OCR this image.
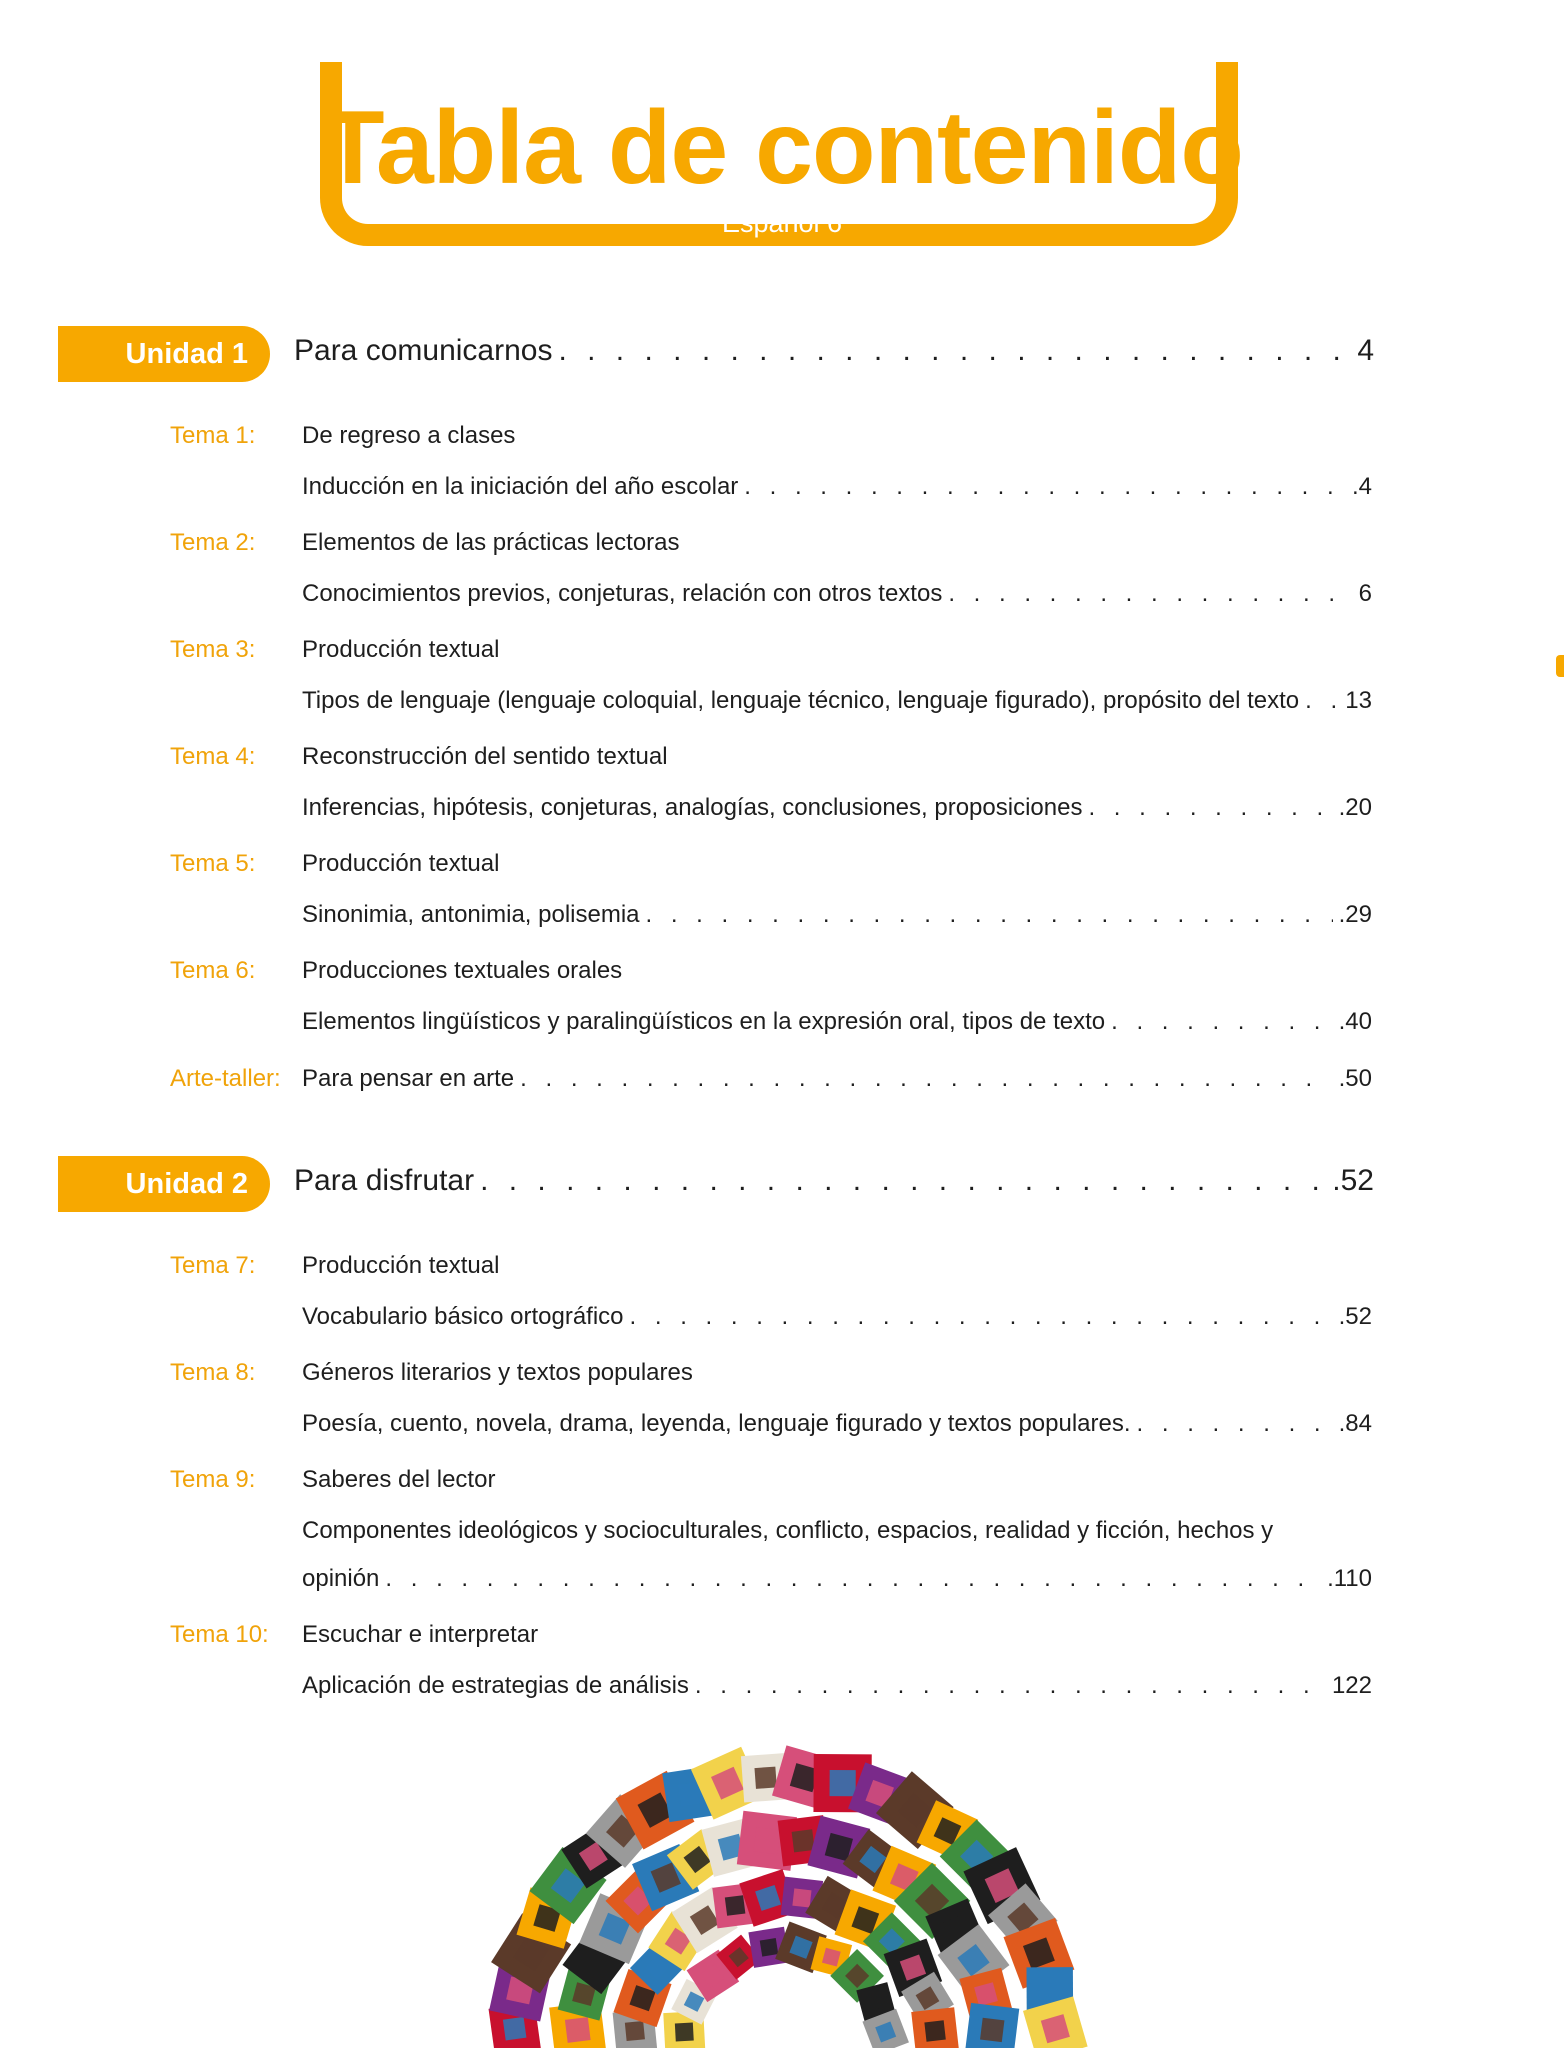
Tabla de contenido
Español 6
Unidad 1	Para comunicarnos . . .	4
Tema 1: De regreso a clases
Inducción en la iniciación del año escolar . . .	.4
Tema 2: Elementos de las prácticas lectoras
Conocimientos previos, conjeturas, relación con otros textos . . .	6
Tema 3: Producción textual
Tipos de lenguaje (lenguaje coloquial, lenguaje técnico, lenguaje figurado), propósito del texto . . . 13
Tema 4: Reconstrucción del sentido textual
Inferencias, hipótesis, conjeturas, analogías, conclusiones, proposiciones . . .	.20
Tema 5: Producción textual
Sinonimia, antonimia, polisemia . . .	.29
Tema 6: Producciones textuales orales
Elementos lingüísticos y paralingüísticos en la expresión oral, tipos de texto . . .	.40
Arte-taller: Para pensar en arte . . .	.50
Unidad 2	Para disfrutar . . .	.52
Tema 7: Producción textual
Vocabulario básico ortográfico . . .	.52
Tema 8: Géneros literarios y textos populares
Poesía, cuento, novela, drama, leyenda, lenguaje figurado y textos populares. . . .	.84
Tema 9: Saberes del lector
Componentes ideológicos y socioculturales, conflicto, espacios, realidad y ficción, hechos y
opinión . . .	.110
Tema 10: Escuchar e interpretar
Aplicación de estrategias de análisis . . .	122
